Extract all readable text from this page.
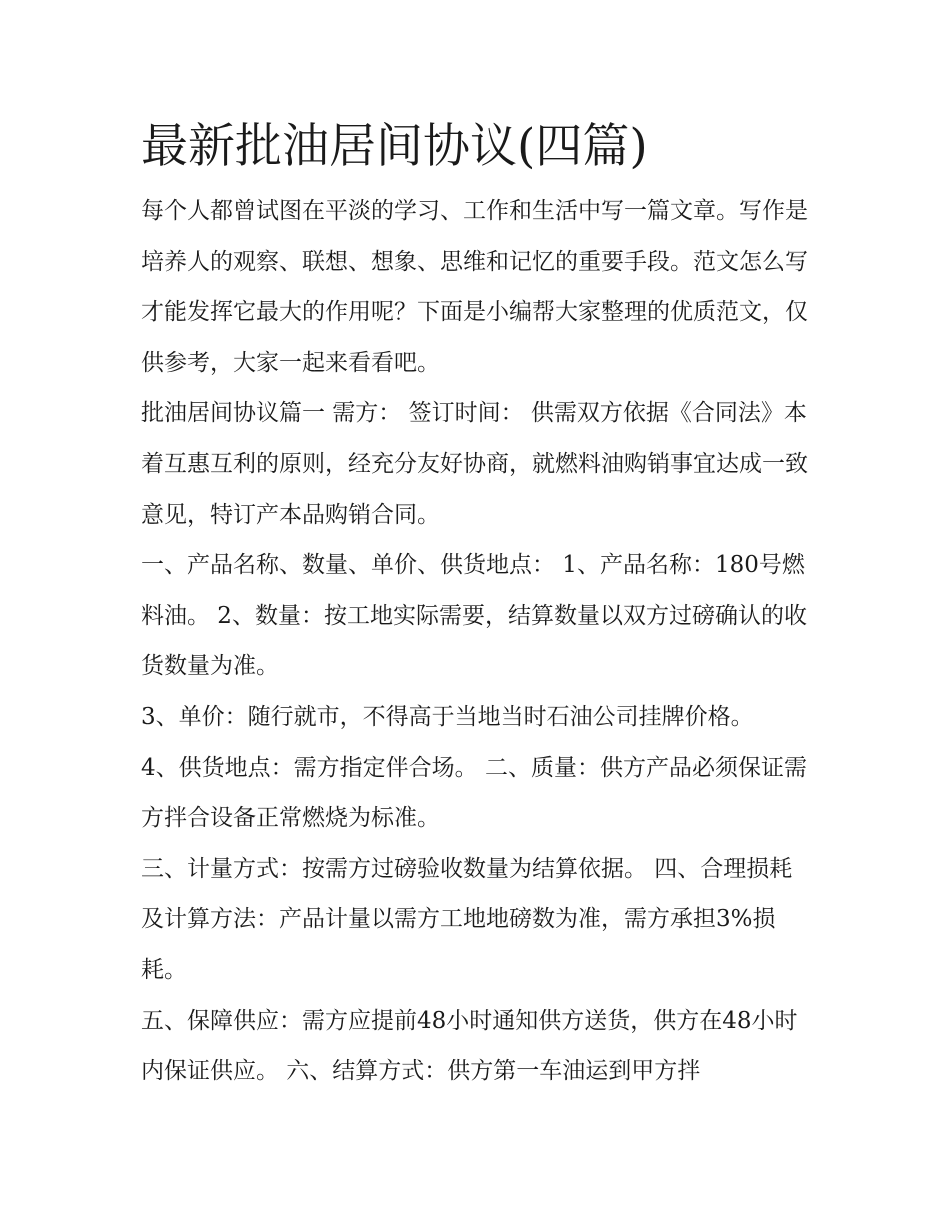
最新批油居间协议(四篇)

每个人都曾试图在平淡的学习、工作和生活中写一篇文章。写作是培养人的观察、联想、想象、思维和记忆的重要手段。范文怎么写才能发挥它最大的作用呢？下面是小编帮大家整理的优质范文，仅供参考，大家一起来看看吧。

批油居间协议篇一 需方： 签订时间： 供需双方依据《合同法》本着互惠互利的原则，经充分友好协商，就燃料油购销事宜达成一致意见，特订产本品购销合同。

一、产品名称、数量、单价、供货地点： 1、产品名称：180号燃料油。 2、数量：按工地实际需要，结算数量以双方过磅确认的收货数量为准。

3、单价：随行就市，不得高于当地当时石油公司挂牌价格。

4、供货地点：需方指定伴合场。 二、质量：供方产品必须保证需方拌合设备正常燃烧为标准。

三、计量方式：按需方过磅验收数量为结算依据。 四、合理损耗及计算方法：产品计量以需方工地地磅数为准，需方承担3%损耗。

五、保障供应：需方应提前48小时通知供方送货，供方在48小时内保证供应。 六、结算方式：供方第一车油运到甲方拌
